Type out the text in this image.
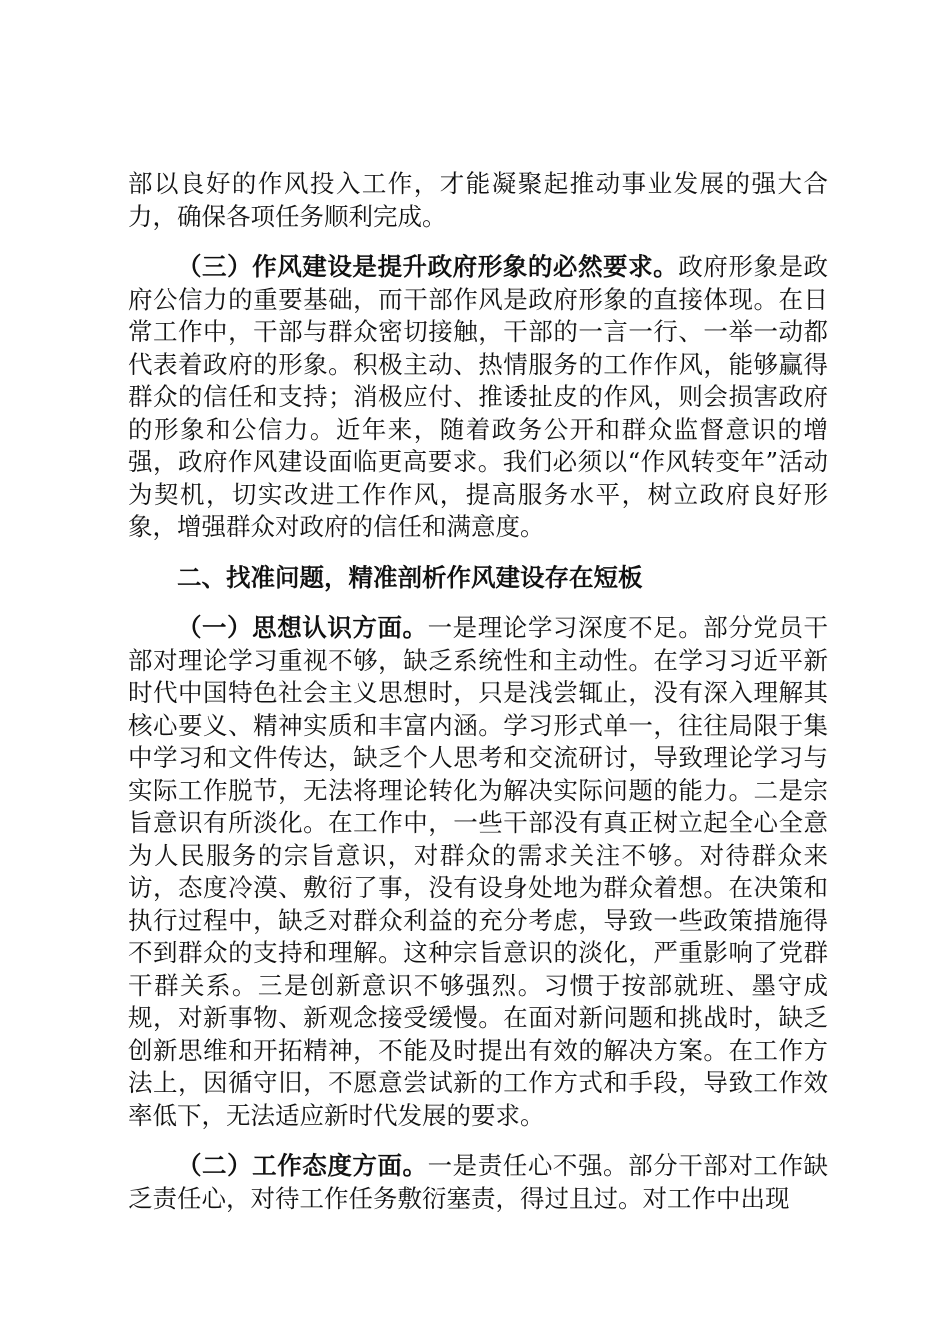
部以良好的作风投入工作，才能凝聚起推动事业发展的强大合力，确保各项任务顺利完成。

（三）作风建设是提升政府形象的必然要求。政府形象是政府公信力的重要基础，而干部作风是政府形象的直接体现。在日常工作中，干部与群众密切接触，干部的一言一行、一举一动都代表着政府的形象。积极主动、热情服务的工作作风，能够赢得群众的信任和支持；消极应付、推诿扯皮的作风，则会损害政府的形象和公信力。近年来，随着政务公开和群众监督意识的增强，政府作风建设面临更高要求。我们必须以“作风转变年”活动为契机，切实改进工作作风，提高服务水平，树立政府良好形象，增强群众对政府的信任和满意度。

二、找准问题，精准剖析作风建设存在短板

（一）思想认识方面。一是理论学习深度不足。部分党员干部对理论学习重视不够，缺乏系统性和主动性。在学习习近平新时代中国特色社会主义思想时，只是浅尝辄止，没有深入理解其核心要义、精神实质和丰富内涵。学习形式单一，往往局限于集中学习和文件传达，缺乏个人思考和交流研讨，导致理论学习与实际工作脱节，无法将理论转化为解决实际问题的能力。二是宗旨意识有所淡化。在工作中，一些干部没有真正树立起全心全意为人民服务的宗旨意识，对群众的需求关注不够。对待群众来访，态度冷漠、敷衍了事，没有设身处地为群众着想。在决策和执行过程中，缺乏对群众利益的充分考虑，导致一些政策措施得不到群众的支持和理解。这种宗旨意识的淡化，严重影响了党群干群关系。三是创新意识不够强烈。习惯于按部就班、墨守成规，对新事物、新观念接受缓慢。在面对新问题和挑战时，缺乏创新思维和开拓精神，不能及时提出有效的解决方案。在工作方法上，因循守旧，不愿意尝试新的工作方式和手段，导致工作效率低下，无法适应新时代发展的要求。

（二）工作态度方面。一是责任心不强。部分干部对工作缺乏责任心，对待工作任务敷衍塞责，得过且过。对工作中出现
